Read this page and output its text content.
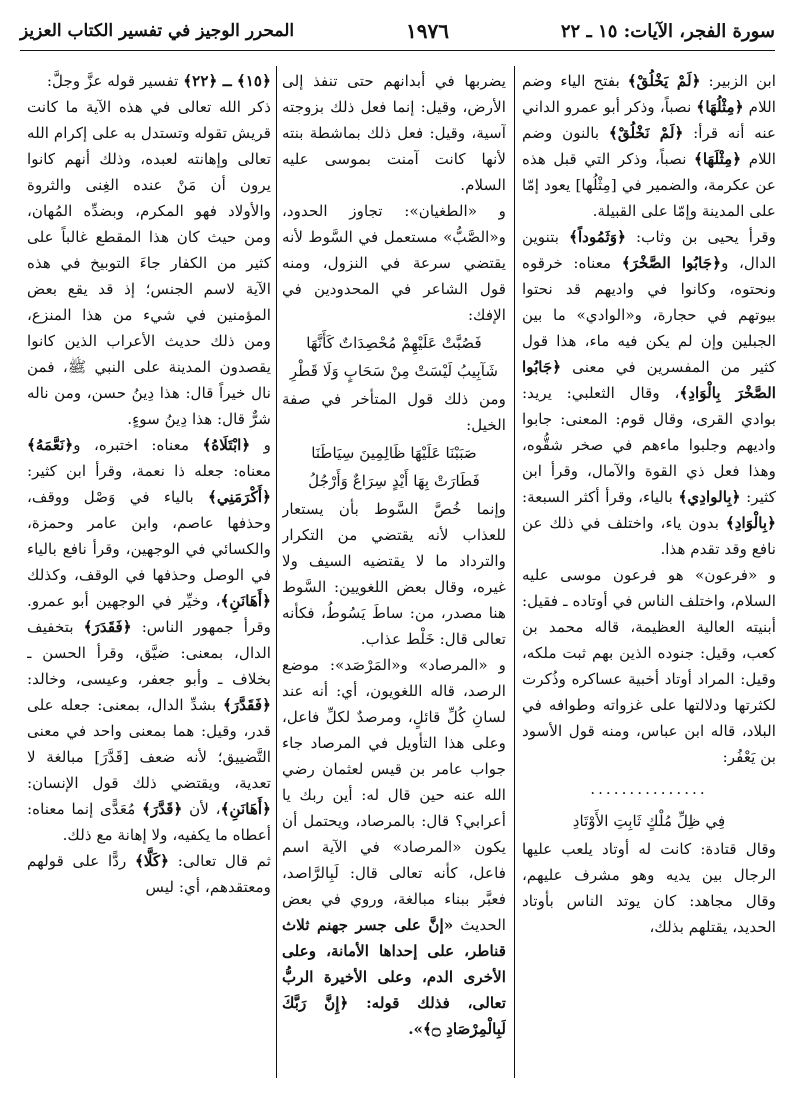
سورة الفجر، الآيات: ١٥ ـ ٢٢
١٩٧٦
المحرر الوجيز في تفسير الكتاب العزيز

ابن الزبير: ﴿لَمْ يَخْلُقْ﴾ بفتح الياء وضم اللام ﴿مِثْلُهَا﴾ نصباً، وذكر أبو عمرو الداني عنه أنه قرأ: ﴿لَمْ نَخْلُقْ﴾ بالنون وضم اللام ﴿مِثْلَهَا﴾ نصباً، وذكر التي قبل هذه عن عكرمة، والضمير في [مِثْلُها] يعود إمّا على المدينة وإمّا على القبيلة.

وقرأ يحيى بن وثاب: ﴿وَثَمُوداً﴾ بتنوين الدال، و﴿جَابُوا الصَّخْرَ﴾ معناه: خرقوه ونحتوه، وكانوا في واديهم قد نحتوا بيوتهم في حجارة، و«الوادي» ما بين الجبلين وإن لم يكن فيه ماء، هذا قول كثير من المفسرين في معنى ﴿جَابُوا الصَّخْرَ بِالْوَادِ﴾، وقال الثعلبي: يريد: بوادي القرى، وقال قوم: المعنى: جابوا واديهم وجلبوا ماءهم في صخر شقُّوه، وهذا فعل ذي القوة والآمال، وقرأ ابن كثير: ﴿بِالوادِي﴾ بالياء، وقرأ أكثر السبعة: ﴿بِالْوَادِ﴾ بدون ياء، واختلف في ذلك عن نافع وقد تقدم هذا.

و «فرعون» هو فرعون موسى عليه السلام، واختلف الناس في أوتاده ـ فقيل: أبنيته العالية العظيمة، قاله محمد بن كعب، وقيل: جنوده الذين بهم ثبت ملكه، وقيل: المراد أوتاد أخبية عساكره وذُكرت لكثرتها ودلالتها على غزواته وطوافه في البلاد، قاله ابن عباس، ومنه قول الأسود بن يَعْفُر:

...............

فِي ظِلِّ مُلْكٍ ثَابِتِ الأَوْتَادِ

وقال قتادة: كانت له أوتاد يلعب عليها الرجال بين يديه وهو مشرف عليهم، وقال مجاهد: كان يوتد الناس بأوتاد الحديد، يقتلهم بذلك،

يضربها في أبدانهم حتى تنفذ إلى الأرض، وقيل: إنما فعل ذلك بزوجته آسية، وقيل: فعل ذلك بماشطة بنته لأنها كانت آمنت بموسى عليه السلام.

و «الطغيان»: تجاوز الحدود، و«الصَّبُّ» مستعمل في السَّوط لأنه يقتضي سرعة في النزول، ومنه قول الشاعر في المحدودين في الإفك:

فَصُبَّتْ عَلَيْهِمْ مُحْصِدَاتٌ كَأَنَّهَا

شَآبِيبُ لَيْسَتْ مِنْ سَحَابٍ وَلَا قَطْرِ

ومن ذلك قول المتأخر في صفة الخيل:

صَبَبْنَا عَلَيْهَا ظَالِمِينَ سِيَاطَنَا

فَطَارَتْ بِهَا أَيْدٍ سِرَاعٌ وَأَرْجُلُ

وإنما خُصَّ السَّوط بأن يستعار للعذاب لأنه يقتضي من التكرار والترداد ما لا يقتضيه السيف ولا غيره، وقال بعض اللغويين: السَّوط هنا مصدر، من: ساطَ يَسُوطُ، فكأنه تعالى قال: خَلْط عذاب.

و «المرصاد» و«المَرْصَد»: موضع الرصد، قاله اللغويون، أي: أنه عند لسانِ كُلِّ قائلٍ، ومرصدٌ لكلِّ فاعل، وعلى هذا التأويل في المرصاد جاء جواب عامر بن قيس لعثمان رضي الله عنه حين قال له: أين ربك يا أعرابي؟ قال: بالمرصاد، ويحتمل أن يكون «المرصاد» في الآية اسم فاعل، كأنه تعالى قال: لَبِالرَّاصد، فعبَّر ببناء مبالغة، وروي في بعض الحديث «إنَّ على جسر جهنم ثلاث قناطر، على إحداها الأمانة، وعلى الأخرى الدم، وعلى الأخيرة الربُّ تعالى، فذلك قوله: ﴿إِنَّ رَبَّكَ لَبِالْمِرْصَادِ ۝﴾».

﴿١٥﴾ ـ ﴿٢٢﴾ تفسير قوله عزَّ وجلَّ:

ذكر الله تعالى في هذه الآية ما كانت قريش تقوله وتستدل به على إكرام الله تعالى وإهانته لعبده، وذلك أنهم كانوا يرون أن مَنْ عنده الغِنى والثروة والأولاد فهو المكرم، وبضدِّه المُهان، ومن حيث كان هذا المقطع غالباً على كثير من الكفار جاءَ التوبيخ في هذه الآية لاسم الجنس؛ إذ قد يقع بعض المؤمنين في شيء من هذا المنزع، ومن ذلك حديث الأعراب الذين كانوا يقصدون المدينة على النبي ﷺ، فمن نال خيراً قال: هذا دِينُ حسن، ومن ناله شرٌّ قال: هذا دِينُ سوءٍ.

و ﴿ابْتَلَاهُ﴾ معناه: اختبره، و﴿نَعَّمَهُ﴾ معناه: جعله ذا نعمة، وقرأ ابن كثير: ﴿أَكْرَمَنِي﴾ بالياء في وَصْل ووقف، وحذفها عاصم، وابن عامر وحمزة، والكسائي في الوجهين، وقرأ نافع بالياء في الوصل وحذفها في الوقف، وكذلك ﴿أَهَانَنِ﴾، وخيِّر في الوجهين أبو عمرو. وقرأ جمهور الناس: ﴿فَقَدَرَ﴾ بتخفيف الدال، بمعنى: ضيَّق، وقرأ الحسن ـ بخلاف ـ وأبو جعفر، وعيسى، وخالد: ﴿فَقَدَّرَ﴾ بشدِّ الدال، بمعنى: جعله على قدر، وقيل: هما بمعنى واحد في معنى التَّضييق؛ لأنه ضعف [قَدَّرَ] مبالغة لا تعدية، ويقتضي ذلك قول الإنسان: ﴿أَهَانَنِ﴾، لأن ﴿قَدَّرَ﴾ مُعَدًّى إنما معناه: أعطاه ما يكفيه، ولا إهانة مع ذلك.

ثم قال تعالى: ﴿كَلَّا﴾ ردًّا على قولهم ومعتقدهم، أي: ليس
